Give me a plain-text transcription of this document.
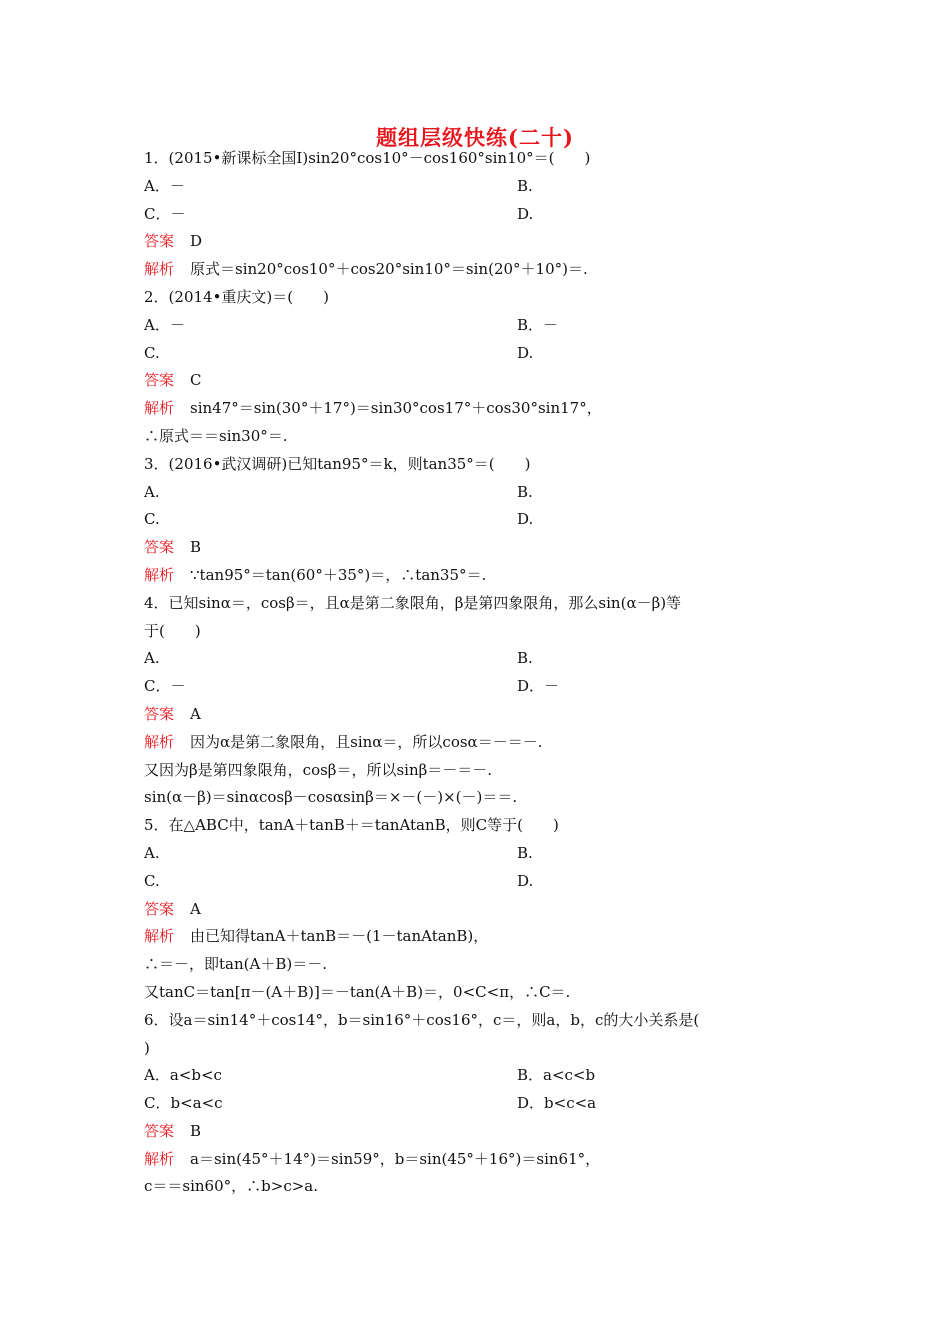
题组层级快练(二十)
1．(2015•新课标全国Ⅰ)sin20°cos10°－cos160°sin10°＝(　　)
A．－	B.
C．－	D.
答案 D
解析 原式＝sin20°cos10°＋cos20°sin10°＝sin(20°＋10°)＝.
2．(2014•重庆文)＝(　　)
A．－	B．－
C.	D.
答案 C
解析 sin47°＝sin(30°＋17°)＝sin30°cos17°＋cos30°sin17°，
∴原式＝＝sin30°＝.
3．(2016•武汉调研)已知tan95°＝k，则tan35°＝(　　)
A.	B.
C.	D.
答案 B
解析 ∵tan95°＝tan(60°＋35°)＝，∴tan35°＝.
4．已知sinα＝，cosβ＝，且α是第二象限角，β是第四象限角，那么sin(α－β)等
于(　　)
A.	B.
C．－	D．－
答案 A
解析 因为α是第二象限角，且sinα＝，所以cosα＝－＝－.
又因为β是第四象限角，cosβ＝，所以sinβ＝－＝－.
sin(α－β)＝sinαcosβ－cosαsinβ＝×－(－)×(－)＝＝.
5．在△ABC中，tanA＋tanB＋＝tanAtanB，则C等于(　　)
A.	B.
C.	D.
答案 A
解析 由已知得tanA＋tanB＝－(1－tanAtanB)，
∴＝－，即tan(A＋B)＝－.
又tanC＝tan[π－(A＋B)]＝－tan(A＋B)＝，0<C<π，∴C＝.
6．设a＝sin14°＋cos14°，b＝sin16°＋cos16°，c＝，则a，b，c的大小关系是(
)
A．a<b<c	B．a<c<b
C．b<a<c	D．b<c<a
答案 B
解析 a＝sin(45°＋14°)＝sin59°，b＝sin(45°＋16°)＝sin61°，
c＝＝sin60°，∴b>c>a.
